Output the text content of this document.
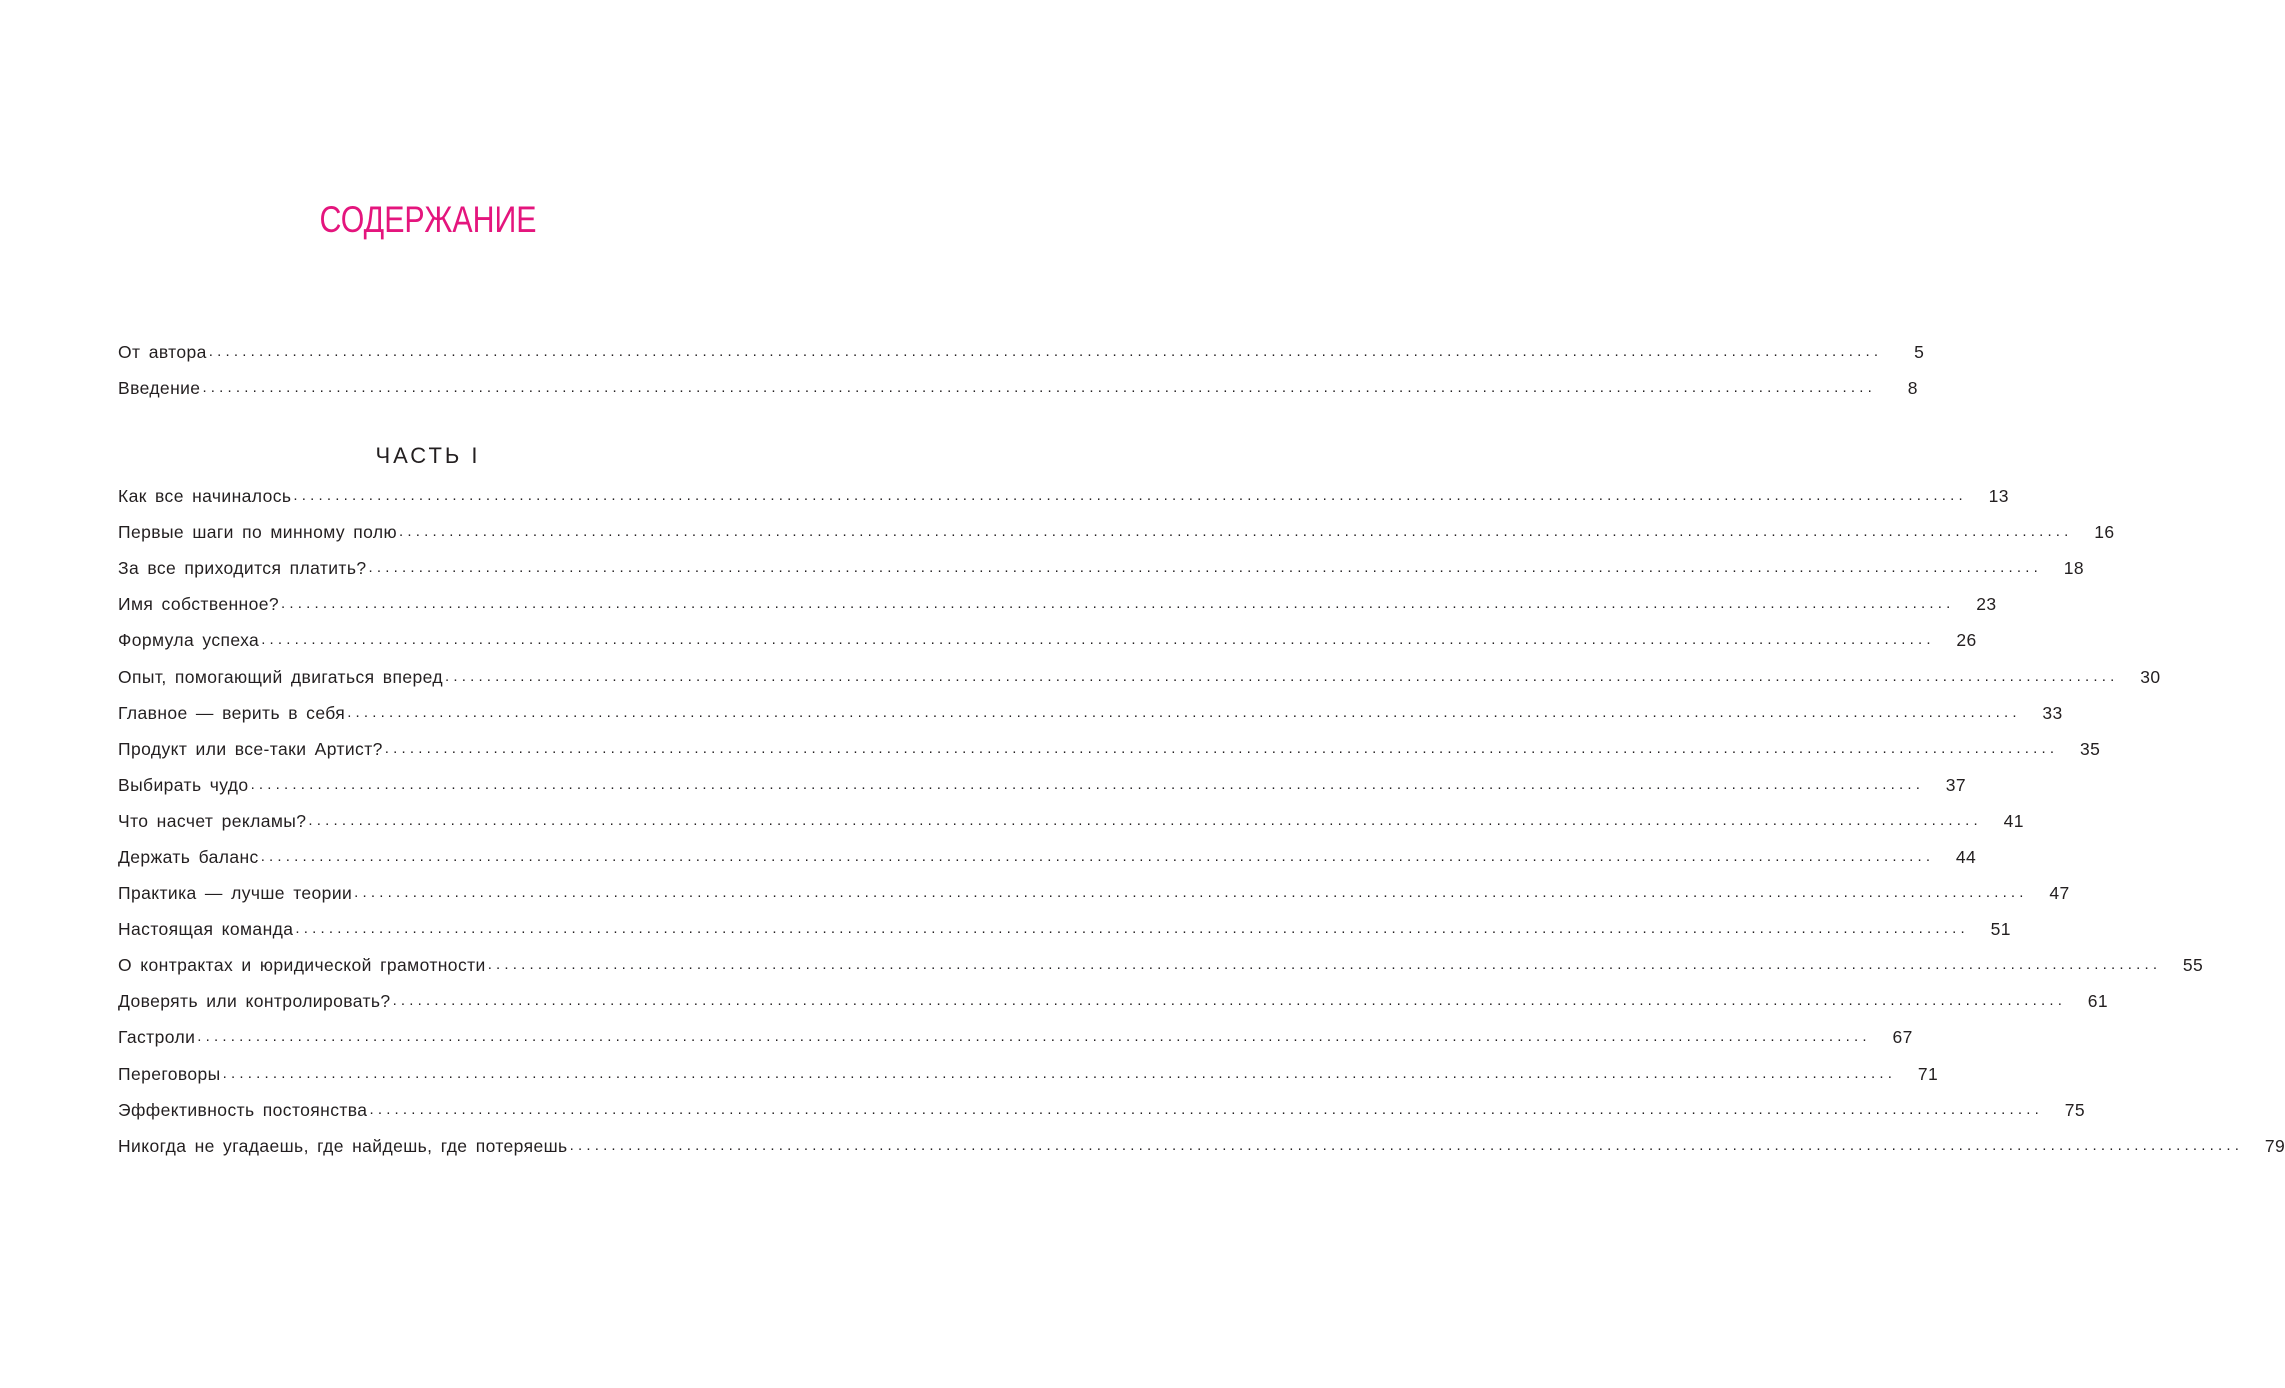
СОДЕРЖАНИЕ
От автора ........................................................................................................................................................................................................	5
Введение ........................................................................................................................................................................................................	8
ЧАСТЬ I
Как все начиналось ........................................................................................................................................................................................................	13
Первые шаги по минному полю ........................................................................................................................................................................................................	16
За все приходится платить? ........................................................................................................................................................................................................	18
Имя собственное? ........................................................................................................................................................................................................	23
Формула успеха ........................................................................................................................................................................................................	26
Опыт, помогающий двигаться вперед ........................................................................................................................................................................................................	30
Главное — верить в себя ........................................................................................................................................................................................................	33
Продукт или все-таки Артист? ........................................................................................................................................................................................................	35
Выбирать чудо ........................................................................................................................................................................................................	37
Что насчет рекламы? ........................................................................................................................................................................................................	41
Держать баланс ........................................................................................................................................................................................................	44
Практика — лучше теории ........................................................................................................................................................................................................	47
Настоящая команда ........................................................................................................................................................................................................	51
О контрактах и юридической грамотности ........................................................................................................................................................................................................	55
Доверять или контролировать? ........................................................................................................................................................................................................	61
Гастроли ........................................................................................................................................................................................................	67
Переговоры ........................................................................................................................................................................................................	71
Эффективность постоянства ........................................................................................................................................................................................................	75
Никогда не угадаешь, где найдешь, где потеряешь ........................................................................................................................................................................................................	79
